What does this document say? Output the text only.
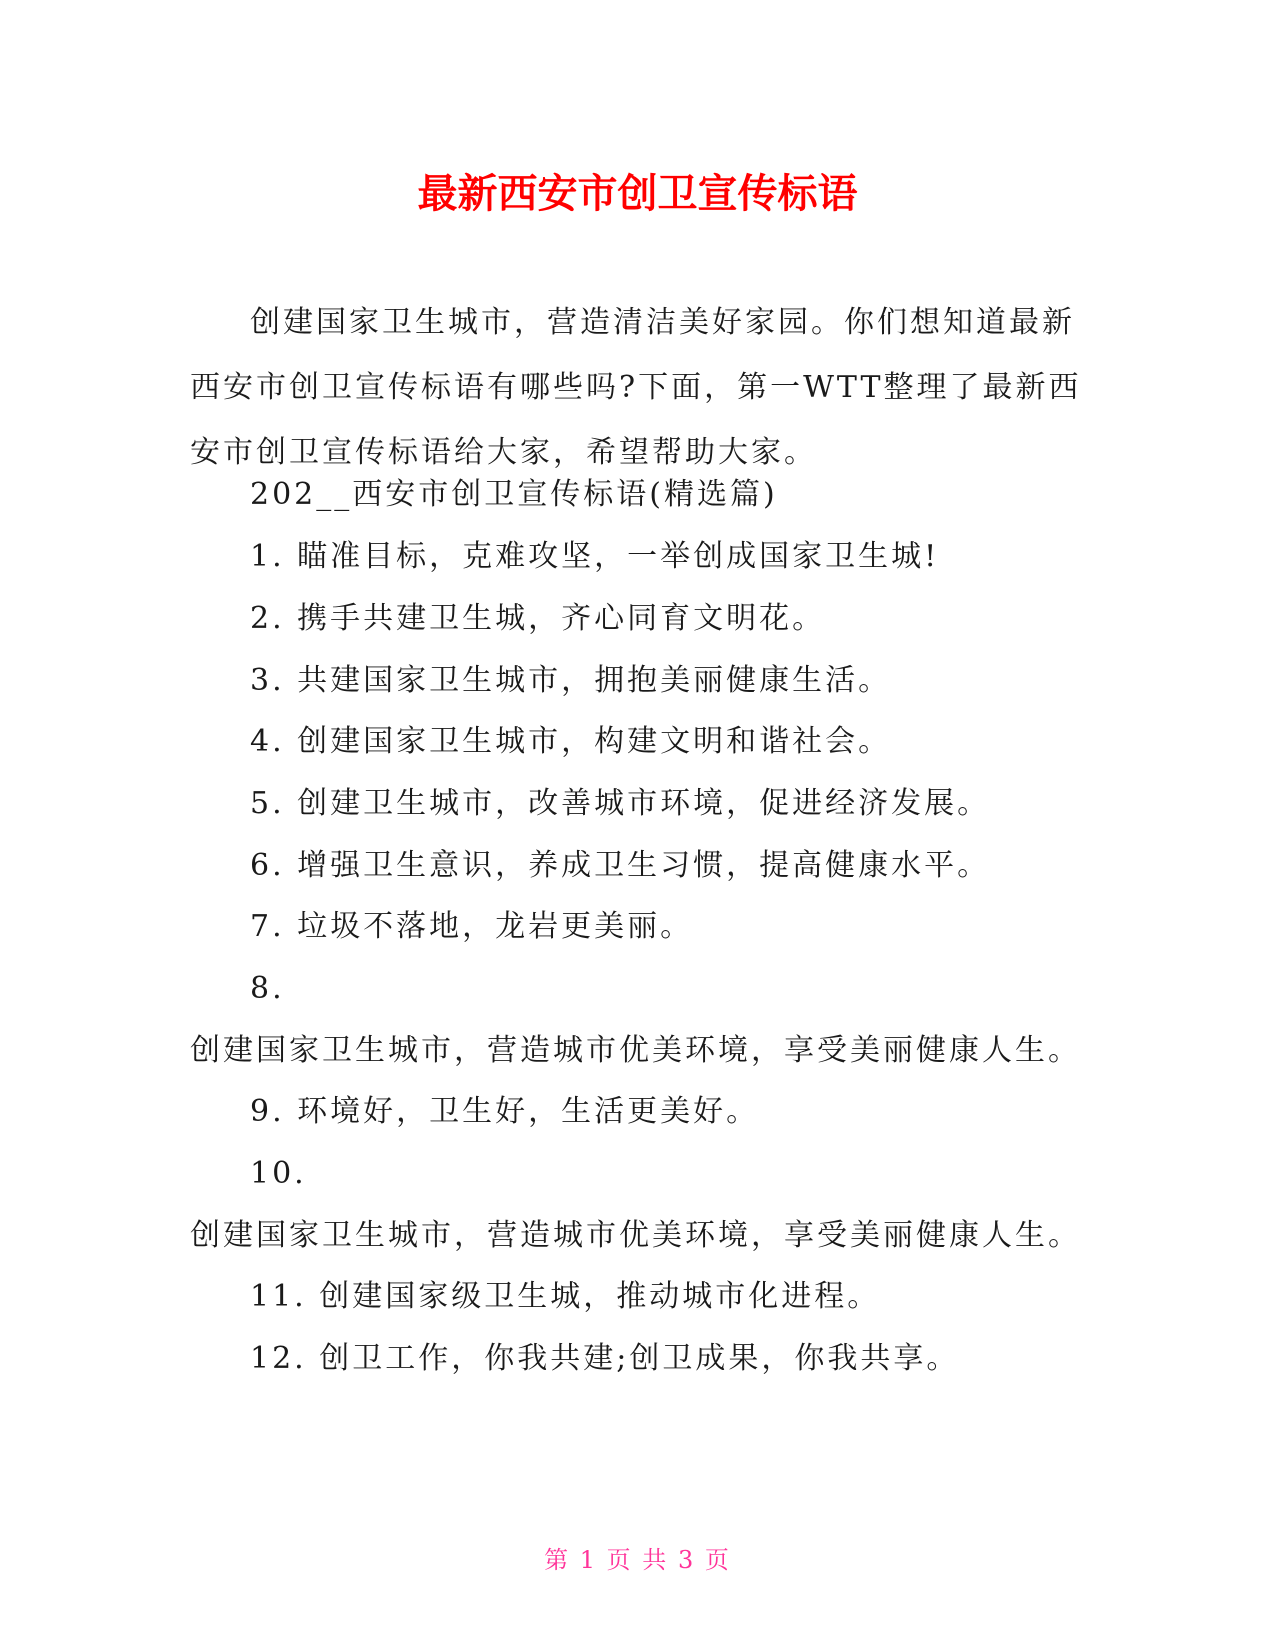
最新西安市创卫宣传标语

创建国家卫生城市，营造清洁美好家园。你们想知道最新西安市创卫宣传标语有哪些吗?下面，第一WTT整理了最新西安市创卫宣传标语给大家，希望帮助大家。

202__西安市创卫宣传标语(精选篇)
1. 瞄准目标，克难攻坚，一举创成国家卫生城!
2. 携手共建卫生城，齐心同育文明花。
3. 共建国家卫生城市，拥抱美丽健康生活。
4. 创建国家卫生城市，构建文明和谐社会。
5. 创建卫生城市，改善城市环境，促进经济发展。
6. 增强卫生意识，养成卫生习惯，提高健康水平。
7. 垃圾不落地，龙岩更美丽。
8.
创建国家卫生城市，营造城市优美环境，享受美丽健康人生。
9. 环境好，卫生好，生活更美好。
10.
创建国家卫生城市，营造城市优美环境，享受美丽健康人生。
11. 创建国家级卫生城，推动城市化进程。
12. 创卫工作，你我共建;创卫成果，你我共享。
第 1 页 共 3 页
